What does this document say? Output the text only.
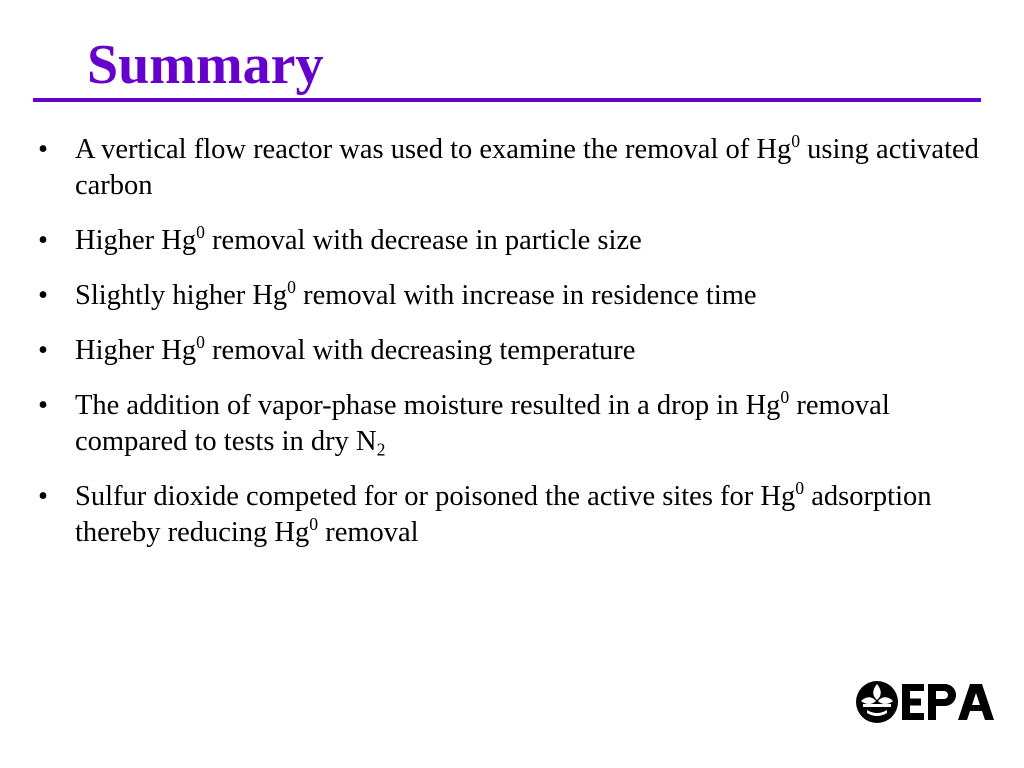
Summary
• A vertical flow reactor was used to examine the removal of Hg$^0$ using activated carbon
• Higher Hg$^0$ removal with decrease in particle size
• Slightly higher Hg$^0$ removal with increase in residence time
• Higher Hg$^0$ removal with decreasing temperature
• The addition of vapor-phase moisture resulted in a drop in Hg$^0$ removal compared to tests in dry $N_2$
• Sulfur dioxide competed for or poisoned the active sites for Hg$^0$ adsorption thereby reducing Hg$^0$ removal
